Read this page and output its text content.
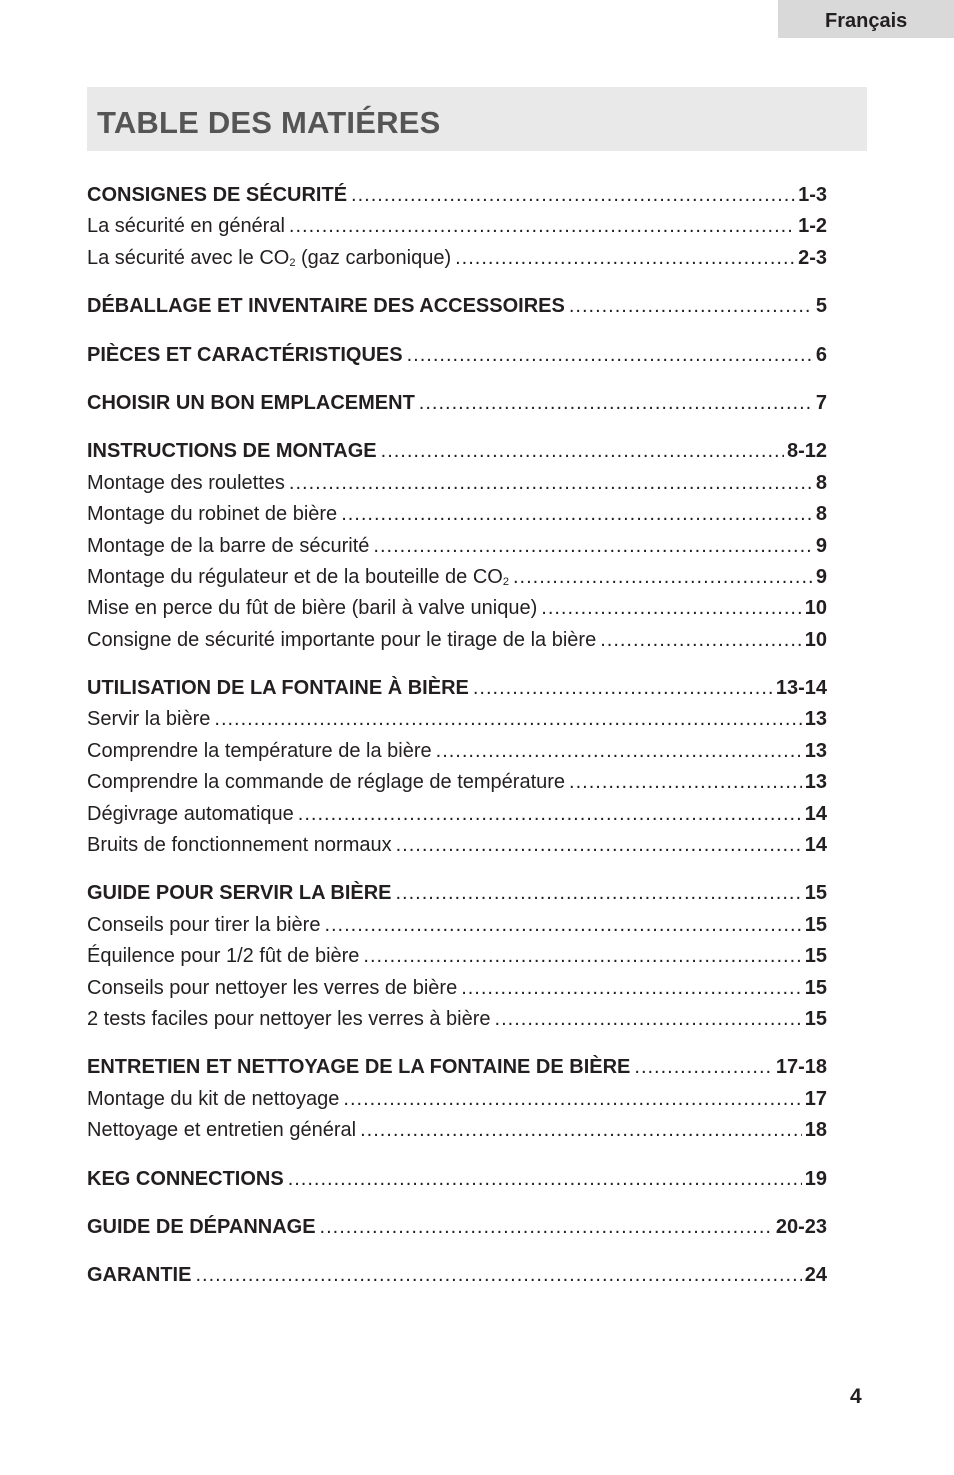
Français
TABLE DES MATIÉRES
CONSIGNES DE SÉCURITÉ .....	1-3
La sécurité en général .....	1-2
La sécurité avec le $CO_2$ (gaz carbonique) .....	2-3
DÉBALLAGE ET INVENTAIRE DES ACCESSOIRES .....	5
PIÈCES ET CARACTÉRISTIQUES .....	6
CHOISIR UN BON EMPLACEMENT .....	7
INSTRUCTIONS DE MONTAGE .....	8-12
Montage des roulettes .....	8
Montage du robinet de bière .....	8
Montage de la barre de sécurité .....	9
Montage du régulateur et de la bouteille de $CO_2$ .....	9
Mise en perce du fût de bière (baril à valve unique) .....	10
Consigne de sécurité importante pour le tirage de la bière .....	10
UTILISATION DE LA FONTAINE À BIÈRE .....	13-14
Servir la bière .....	13
Comprendre la température de la bière .....	13
Comprendre la commande de réglage de température .....	13
Dégivrage automatique .....	14
Bruits de fonctionnement normaux .....	14
GUIDE POUR SERVIR LA BIÈRE .....	15
Conseils pour tirer la bière .....	15
Équilence pour 1/2 fût de bière .....	15
Conseils pour nettoyer les verres de bière .....	15
2 tests faciles pour nettoyer les verres à bière .....	15
ENTRETIEN ET NETTOYAGE DE LA FONTAINE DE BIÈRE .....	17-18
Montage du kit de nettoyage .....	17
Nettoyage et entretien général .....	18
KEG CONNECTIONS .....	19
GUIDE DE DÉPANNAGE .....	20-23
GARANTIE .....	24
4
